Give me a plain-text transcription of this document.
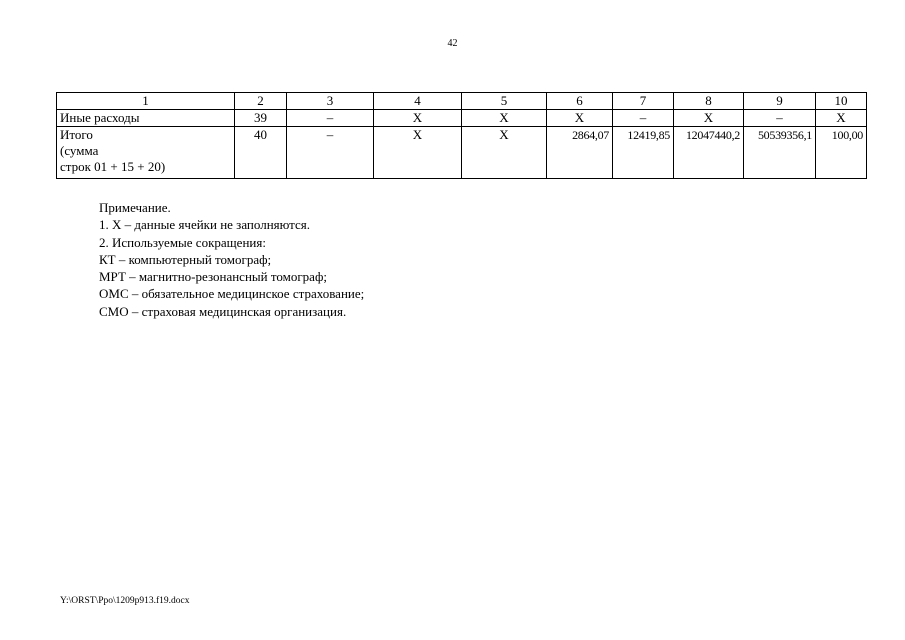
42
1	2	3	4	5	6	7	8	9	10

Иные расходы	39	–	Х	Х	Х	–	Х	–	Х

Итого
(сумма
строк 01 + 15 + 20)	40	–	Х	Х	2864,07	12419,85	12047440,2	50539356,1	100,00
Примечание.
1. Х – данные ячейки не заполняются.
2. Используемые сокращения:
КТ – компьютерный томограф;
МРТ – магнитно-резонансный томограф;
ОМС – обязательное медицинское страхование;
СМО – страховая медицинская организация.
Y:\ORST\Ppo\1209p913.f19.docx
